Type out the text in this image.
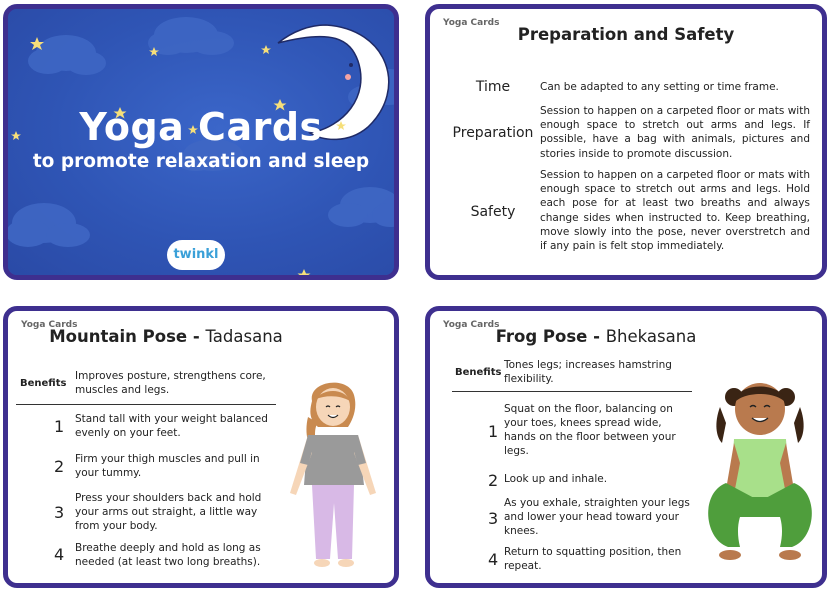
Yoga Cards
to promote relaxation and sleep
twinkl
Yoga Cards
Preparation and Safety
Time	Can be adapted to any setting or time frame.
Preparation
Session to happen on a carpeted floor or mats with enough space to stretch out arms and legs. If possible, have a bag with animals, pictures and stories inside to promote discussion.
Safety
Session to happen on a carpeted floor or mats with enough space to stretch out arms and legs. Hold each pose for at least two breaths and always change sides when instructed to. Keep breathing, move slowly into the pose, never overstretch and if any pain is felt stop immediately.
Yoga Cards
Mountain Pose - Tadasana
Benefits
Improves posture, strengthens core, muscles and legs.
1 Stand tall with your weight balanced evenly on your feet.
2 Firm your thigh muscles and pull in your tummy.
3
Press your shoulders back and hold your arms out straight, a little way from your body.
4 Breathe deeply and hold as long as needed (at least two long breaths).
Yoga Cards
Frog Pose - Bhekasana
Benefits
Tones legs; increases hamstring flexibility.
1
Squat on the floor, balancing on your toes, knees spread wide, hands on the floor between your legs.
2 Look up and inhale.
3
As you exhale, straighten your legs and lower your head toward your knees.
4 Return to squatting position, then repeat.
